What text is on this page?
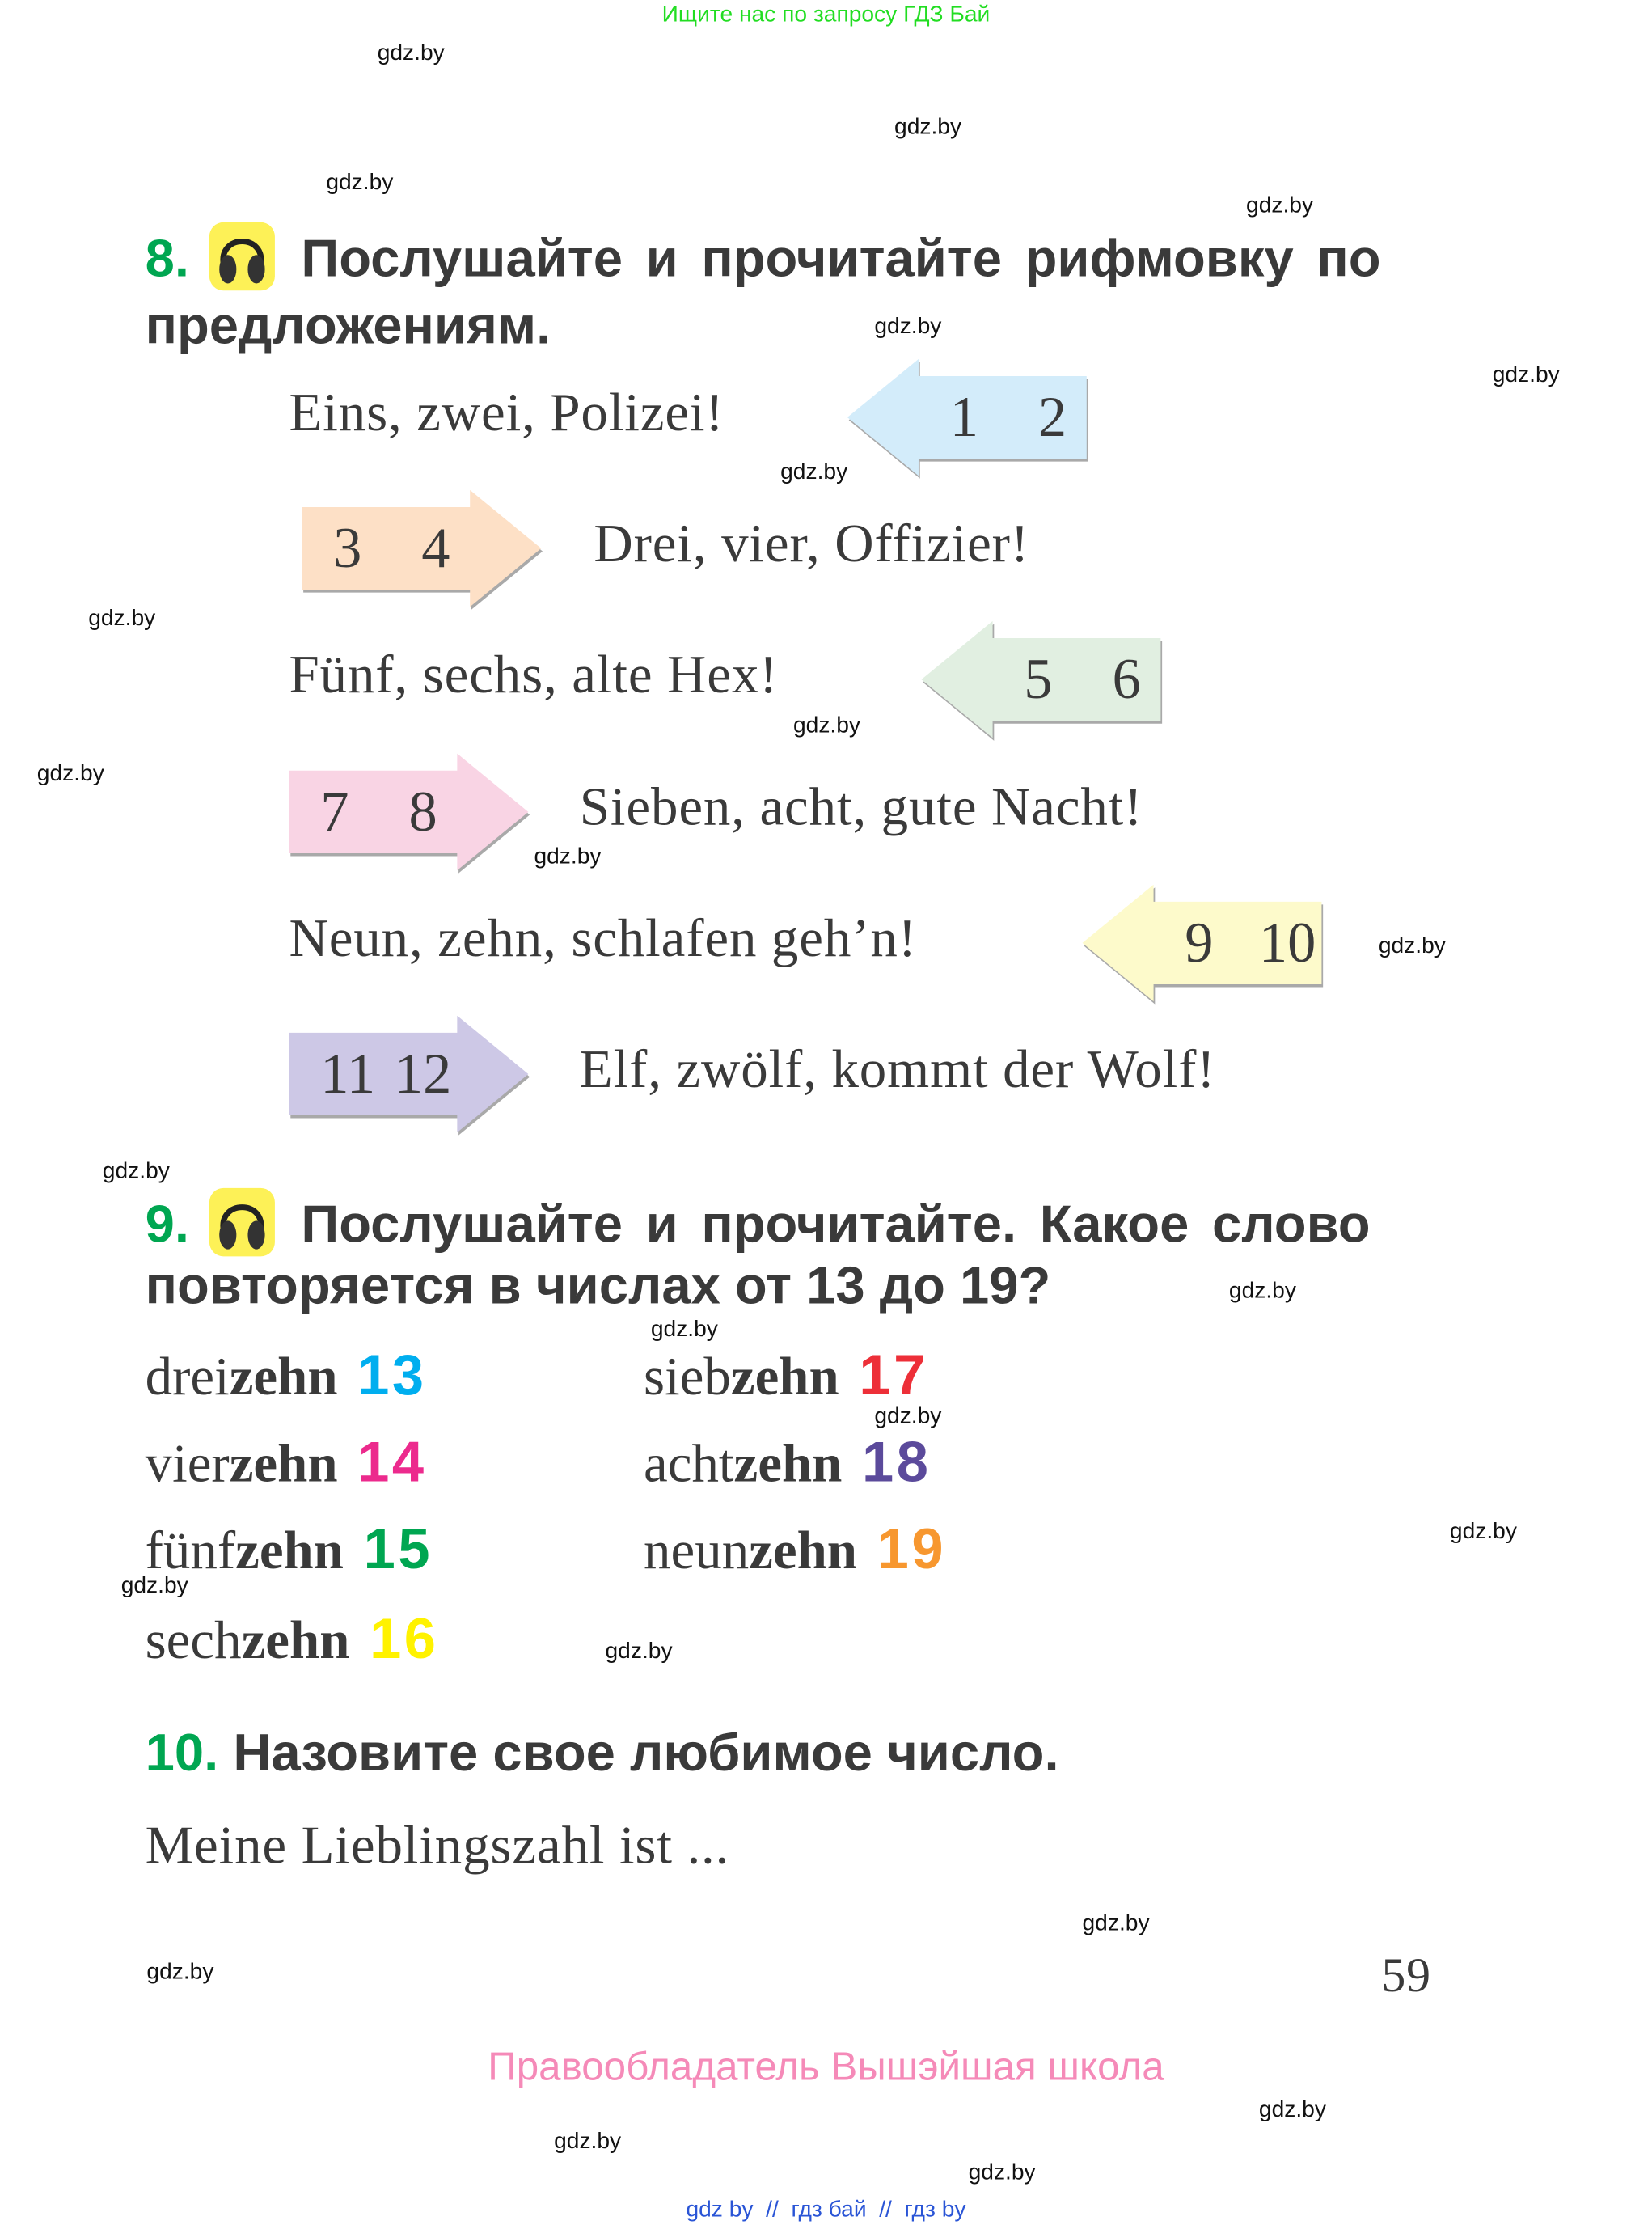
Ищите нас по запросу ГДЗ Бай
gdz.by
gdz.by
gdz.by
gdz.by
gdz.by
gdz.by
gdz.by
gdz.by
gdz.by
gdz.by
gdz.by
gdz.by
gdz.by
gdz.by
gdz.by
gdz.by
gdz.by
gdz.by
gdz.by
gdz.by
gdz.by
gdz.by
gdz.by
gdz.by
8.	Послушайте и прочитайте рифмовку по
предложениям.
Eins, zwei, Polizei!	1 2
Drei, vier, Offizier!
3 4
Fünf, sechs, alte Hex!	5 6
Sieben, acht, gute Nacht!
7 8
Neun, zehn, schlafen geh’n!	9 10
Elf, zwölf, kommt der Wolf!
11 12
9.	Послушайте и прочитайте. Какое слово
повторяется в числах от 13 до 19?
dreizehn 13
vierzehn 14
fünfzehn 15
sechzehn 16
siebzehn 17
achtzehn 18
neunzehn 19
10. Назовите свое любимое число.
Meine Lieblingszahl ist ...
59
Правообладатель Вышэйшая школа
gdz by  //  гдз бай  //  гдз by
